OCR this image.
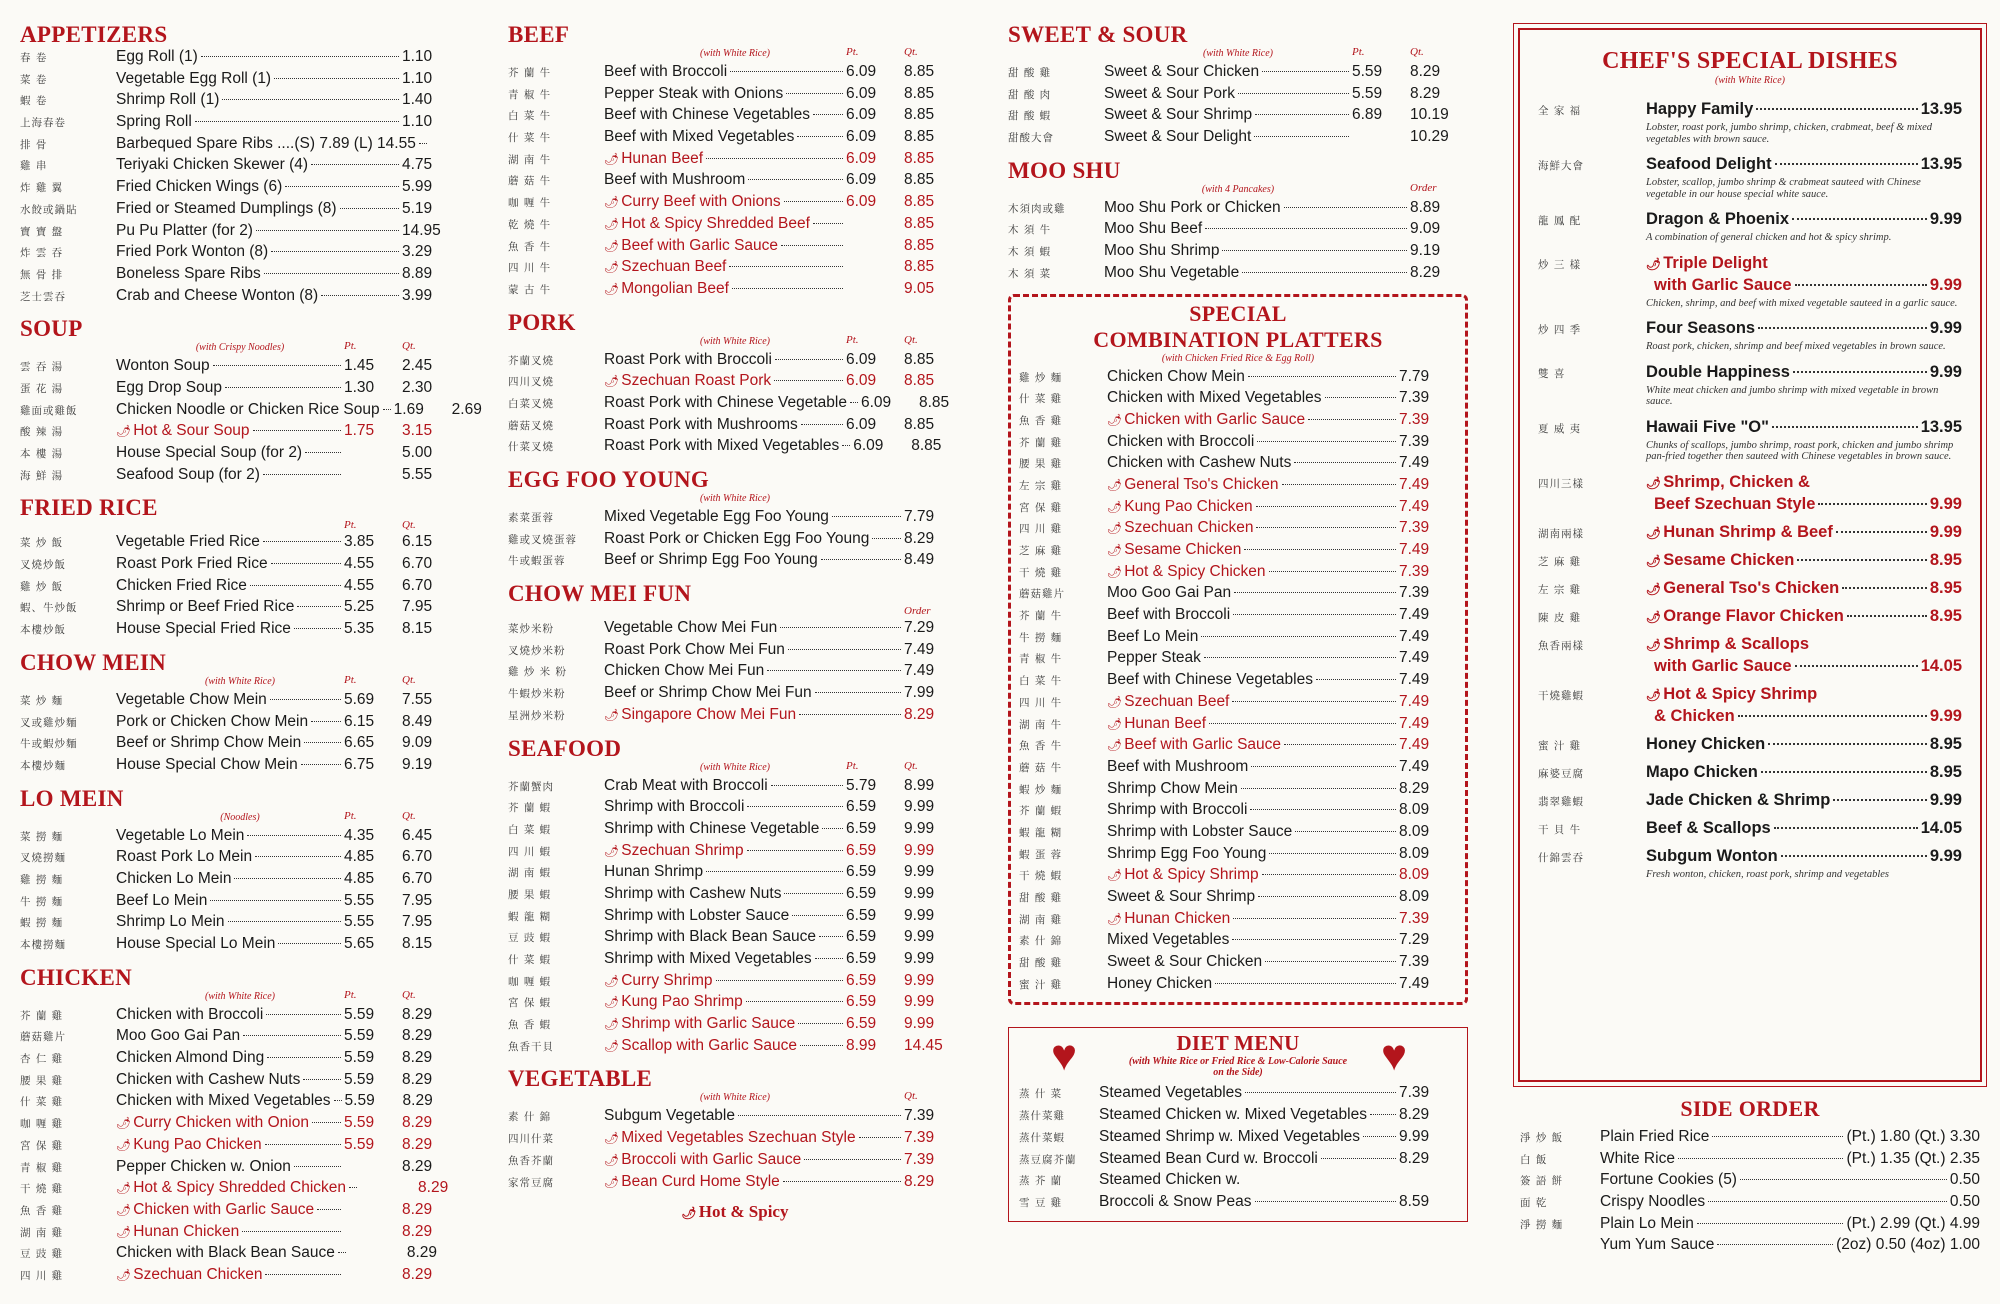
APPETIZERS
春 卷	Egg Roll (1)	1.10
菜 卷	Vegetable Egg Roll (1)	1.10
蝦 卷	Shrimp Roll (1)	1.40
上海春卷	Spring Roll	1.10
排 骨	Barbequed Spare Ribs ....(S) 7.89 (L) 14.55
雞 串	Teriyaki Chicken Skewer (4)	4.75
炸 雞 翼	Fried Chicken Wings (6)	5.99
水餃或鍋貼	Fried or Steamed Dumplings (8)	5.19
寶 寶 盤	Pu Pu Platter (for 2)	14.95
炸 雲 吞	Fried Pork Wonton (8)	3.29
無 骨 排	Boneless Spare Ribs	8.89
芝士雲吞	Crab and Cheese Wonton (8)	3.99
SOUP
(with Crispy Noodles)	Pt.	Qt.
雲 吞 湯	Wonton Soup	1.45	2.45
蛋 花 湯	Egg Drop Soup	1.30	2.30
雞面或雞飯	Chicken Noodle or Chicken Rice Soup 1.69	2.69
酸 辣 湯	🌶 Hot & Sour Soup	1.75	3.15
本 樓 湯	House Special Soup (for 2)	5.00
海 鮮 湯	Seafood Soup (for 2)	5.55
FRIED RICE
Pt.	Qt.
菜 炒 飯	Vegetable Fried Rice	3.85	6.15
叉燒炒飯	Roast Pork Fried Rice	4.55	6.70
雞 炒 飯	Chicken Fried Rice	4.55	6.70
蝦、牛炒飯	Shrimp or Beef Fried Rice	5.25	7.95
本樓炒飯	House Special Fried Rice	5.35	8.15
CHOW MEIN
(with White Rice)	Pt.	Qt.
菜 炒 麵	Vegetable Chow Mein	5.69	7.55
叉或雞炒麵	Pork or Chicken Chow Mein 6.15	8.49
牛或蝦炒麵	Beef or Shrimp Chow Mein	6.65	9.09
本樓炒麵	House Special Chow Mein	6.75	9.19
LO MEIN
(Noodles)	Pt.	Qt.
菜 撈 麵	Vegetable Lo Mein	4.35	6.45
叉燒撈麵	Roast Pork Lo Mein	4.85	6.70
雞 撈 麵	Chicken Lo Mein	4.85	6.70
牛 撈 麵	Beef Lo Mein	5.55	7.95
蝦 撈 麵	Shrimp Lo Mein	5.55	7.95
本樓撈麵	House Special Lo Mein	5.65	8.15
CHICKEN
(with White Rice)	Pt.	Qt.
芥 蘭 雞	Chicken with Broccoli	5.59	8.29
蘑菇雞片	Moo Goo Gai Pan	5.59	8.29
杏 仁 雞	Chicken Almond Ding	5.59	8.29
腰 果 雞	Chicken with Cashew Nuts	5.59	8.29
什 菜 雞	Chicken with Mixed Vegetables 5.59	8.29
咖 喱 雞	🌶 Curry Chicken with Onion 5.59	8.29
宮 保 雞	🌶 Kung Pao Chicken	5.59	8.29
青 椒 雞	Pepper Chicken w. Onion	8.29
干 燒 雞	🌶 Hot & Spicy Shredded Chicken	8.29
魚 香 雞	🌶 Chicken with Garlic Sauce	8.29
湖 南 雞	🌶 Hunan Chicken	8.29
豆 豉 雞	Chicken with Black Bean Sauce	8.29
四 川 雞	🌶 Szechuan Chicken	8.29
BEEF
(with White Rice)	Pt.	Qt.
芥 蘭 牛	Beef with Broccoli	6.09	8.85
青 椒 牛	Pepper Steak with Onions	6.09	8.85
白 菜 牛	Beef with Chinese Vegetables 6.09	8.85
什 菜 牛	Beef with Mixed Vegetables	6.09	8.85
湖 南 牛	🌶 Hunan Beef	6.09	8.85
蘑 菇 牛	Beef with Mushroom	6.09	8.85
咖 喱 牛	🌶 Curry Beef with Onions	6.09	8.85
乾 燒 牛	🌶 Hot & Spicy Shredded Beef	8.85
魚 香 牛	🌶 Beef with Garlic Sauce	8.85
四 川 牛	🌶 Szechuan Beef	8.85
蒙 古 牛	🌶 Mongolian Beef	9.05
PORK
(with White Rice)	Pt.	Qt.
芥蘭叉燒	Roast Pork with Broccoli	6.09	8.85
四川叉燒	🌶 Szechuan Roast Pork	6.09	8.85
白菜叉燒	Roast Pork with Chinese Vegetable 6.09	8.85
蘑菇叉燒	Roast Pork with Mushrooms	6.09	8.85
什菜叉燒	Roast Pork with Mixed Vegetables 6.09	8.85
EGG FOO YOUNG
(with White Rice)
素菜蛋蓉	Mixed Vegetable Egg Foo Young	7.79
雞或叉燒蛋蓉	Roast Pork or Chicken Egg Foo Young 8.29
牛或蝦蛋蓉	Beef or Shrimp Egg Foo Young	8.49
CHOW MEI FUN
Order
菜炒米粉	Vegetable Chow Mei Fun	7.29
叉燒炒米粉	Roast Pork Chow Mei Fun	7.49
雞 炒 米 粉	Chicken Chow Mei Fun	7.49
牛蝦炒米粉	Beef or Shrimp Chow Mei Fun	7.99
星洲炒米粉	🌶 Singapore Chow Mei Fun	8.29
SEAFOOD
(with White Rice)	Pt.	Qt.
芥蘭蟹肉	Crab Meat with Broccoli	5.79	8.99
芥 蘭 蝦	Shrimp with Broccoli	6.59	9.99
白 菜 蝦	Shrimp with Chinese Vegetable 6.59	9.99
四 川 蝦	🌶 Szechuan Shrimp	6.59	9.99
湖 南 蝦	Hunan Shrimp	6.59	9.99
腰 果 蝦	Shrimp with Cashew Nuts	6.59	9.99
蝦 龍 糊	Shrimp with Lobster Sauce	6.59	9.99
豆 豉 蝦	Shrimp with Black Bean Sauce 6.59	9.99
什 菜 蝦	Shrimp with Mixed Vegetables 6.59	9.99
咖 喱 蝦	🌶 Curry Shrimp	6.59	9.99
宮 保 蝦	🌶 Kung Pao Shrimp	6.59	9.99
魚 香 蝦	🌶 Shrimp with Garlic Sauce	6.59	9.99
魚香干貝	🌶 Scallop with Garlic Sauce	8.99	14.45
VEGETABLE
(with White Rice)	Qt.
素 什 錦	Subgum Vegetable	7.39
四川什菜	🌶 Mixed Vegetables Szechuan Style	7.39
魚香芥蘭	🌶 Broccoli with Garlic Sauce	7.39
家常豆腐	🌶 Bean Curd Home Style	8.29
🌶 Hot & Spicy
SWEET & SOUR
(with White Rice)	Pt.	Qt.
甜 酸 雞	Sweet & Sour Chicken	5.59	8.29
甜 酸 肉	Sweet & Sour Pork	5.59	8.29
甜 酸 蝦	Sweet & Sour Shrimp	6.89	10.19
甜酸大會	Sweet & Sour Delight	10.29
MOO SHU
(with 4 Pancakes)	Order
木須肉或雞	Moo Shu Pork or Chicken	8.89
木 須 牛	Moo Shu Beef	9.09
木 須 蝦	Moo Shu Shrimp	9.19
木 須 菜	Moo Shu Vegetable	8.29
SPECIAL
COMBINATION PLATTERS
(with Chicken Fried Rice & Egg Roll)
雞 炒 麵	Chicken Chow Mein	7.79
什 菜 雞	Chicken with Mixed Vegetables	7.39
魚 香 雞	🌶 Chicken with Garlic Sauce	7.39
芥 蘭 雞	Chicken with Broccoli	7.39
腰 果 雞	Chicken with Cashew Nuts	7.49
左 宗 雞	🌶 General Tso's Chicken	7.49
宮 保 雞	🌶 Kung Pao Chicken	7.49
四 川 雞	🌶 Szechuan Chicken	7.39
芝 麻 雞	🌶 Sesame Chicken	7.49
干 燒 雞	🌶 Hot & Spicy Chicken	7.39
蘑菇雞片	Moo Goo Gai Pan	7.39
芥 蘭 牛	Beef with Broccoli	7.49
牛 撈 麵	Beef Lo Mein	7.49
青 椒 牛	Pepper Steak	7.49
白 菜 牛	Beef with Chinese Vegetables	7.49
四 川 牛	🌶 Szechuan Beef	7.49
湖 南 牛	🌶 Hunan Beef	7.49
魚 香 牛	🌶 Beef with Garlic Sauce	7.49
蘑 菇 牛	Beef with Mushroom	7.49
蝦 炒 麵	Shrimp Chow Mein	8.29
芥 蘭 蝦	Shrimp with Broccoli	8.09
蝦 龍 糊	Shrimp with Lobster Sauce	8.09
蝦 蛋 蓉	Shrimp Egg Foo Young	8.09
干 燒 蝦	🌶 Hot & Spicy Shrimp	8.09
甜 酸 雞	Sweet & Sour Shrimp	8.09
湖 南 雞	🌶 Hunan Chicken	7.39
素 什 錦	Mixed Vegetables	7.29
甜 酸 雞	Sweet & Sour Chicken	7.39
蜜 汁 雞	Honey Chicken	7.49
♥	♥
DIET MENU
(with White Rice or Fried Rice & Low-Calorie Sauce on the Side)
蒸 什 菜	Steamed Vegetables	7.39
蒸什菜雞	Steamed Chicken w. Mixed Vegetables 8.29
蒸什菜蝦	Steamed Shrimp w. Mixed Vegetables	9.99
蒸豆腐芥蘭	Steamed Bean Curd w. Broccoli	8.29
蒸 芥 蘭	Steamed Chicken w.
雪 豆 雞	Broccoli & Snow Peas	8.59
CHEF'S SPECIAL DISHES
(with White Rice)
全 家 福	Happy Family	13.95
Lobster, roast pork, jumbo shrimp, chicken, crabmeat, beef & mixed vegetables with brown sauce.
海鮮大會	Seafood Delight	13.95
Lobster, scallop, jumbo shrimp & crabmeat sauteed with Chinese vegetable in our house special white sauce.
龍 鳳 配	Dragon & Phoenix	9.99
A combination of general chicken and hot & spicy shrimp.
炒 三 樣	🌶 Triple Delight
with Garlic Sauce	9.99
Chicken, shrimp, and beef with mixed vegetable sauteed in a garlic sauce.
炒 四 季	Four Seasons	9.99
Roast pork, chicken, shrimp and beef mixed vegetables in brown sauce.
雙 喜	Double Happiness	9.99
White meat chicken and jumbo shrimp with mixed vegetable in brown sauce.
夏 威 夷	Hawaii Five "O"	13.95
Chunks of scallops, jumbo shrimp, roast pork, chicken and jumbo shrimp pan-fried together then sauteed with Chinese vegetables in brown sauce.
四川三樣	🌶 Shrimp, Chicken &
Beef Szechuan Style	9.99
湖南兩樣	🌶 Hunan Shrimp & Beef	9.99
芝 麻 雞	🌶 Sesame Chicken	8.95
左 宗 雞	🌶 General Tso's Chicken	8.95
陳 皮 雞	🌶 Orange Flavor Chicken	8.95
魚香兩樣	🌶 Shrimp & Scallops
with Garlic Sauce	14.05
干燒雞蝦	🌶 Hot & Spicy Shrimp
& Chicken	9.99
蜜 汁 雞	Honey Chicken	8.95
麻婆豆腐	Mapo Chicken	8.95
翡翠雞蝦	Jade Chicken & Shrimp	9.99
干 貝 牛	Beef & Scallops	14.05
什錦雲吞	Subgum Wonton	9.99
Fresh wonton, chicken, roast pork, shrimp and vegetables
SIDE ORDER
淨 炒 飯	Plain Fried Rice	(Pt.) 1.80 (Qt.) 3.30
白 飯	White Rice	(Pt.) 1.35 (Qt.) 2.35
簽 語 餅	Fortune Cookies (5)	0.50
面 乾	Crispy Noodles	0.50
淨 撈 麵	Plain Lo Mein	(Pt.) 2.99 (Qt.) 4.99
Yum Yum Sauce	(2oz) 0.50 (4oz) 1.00
